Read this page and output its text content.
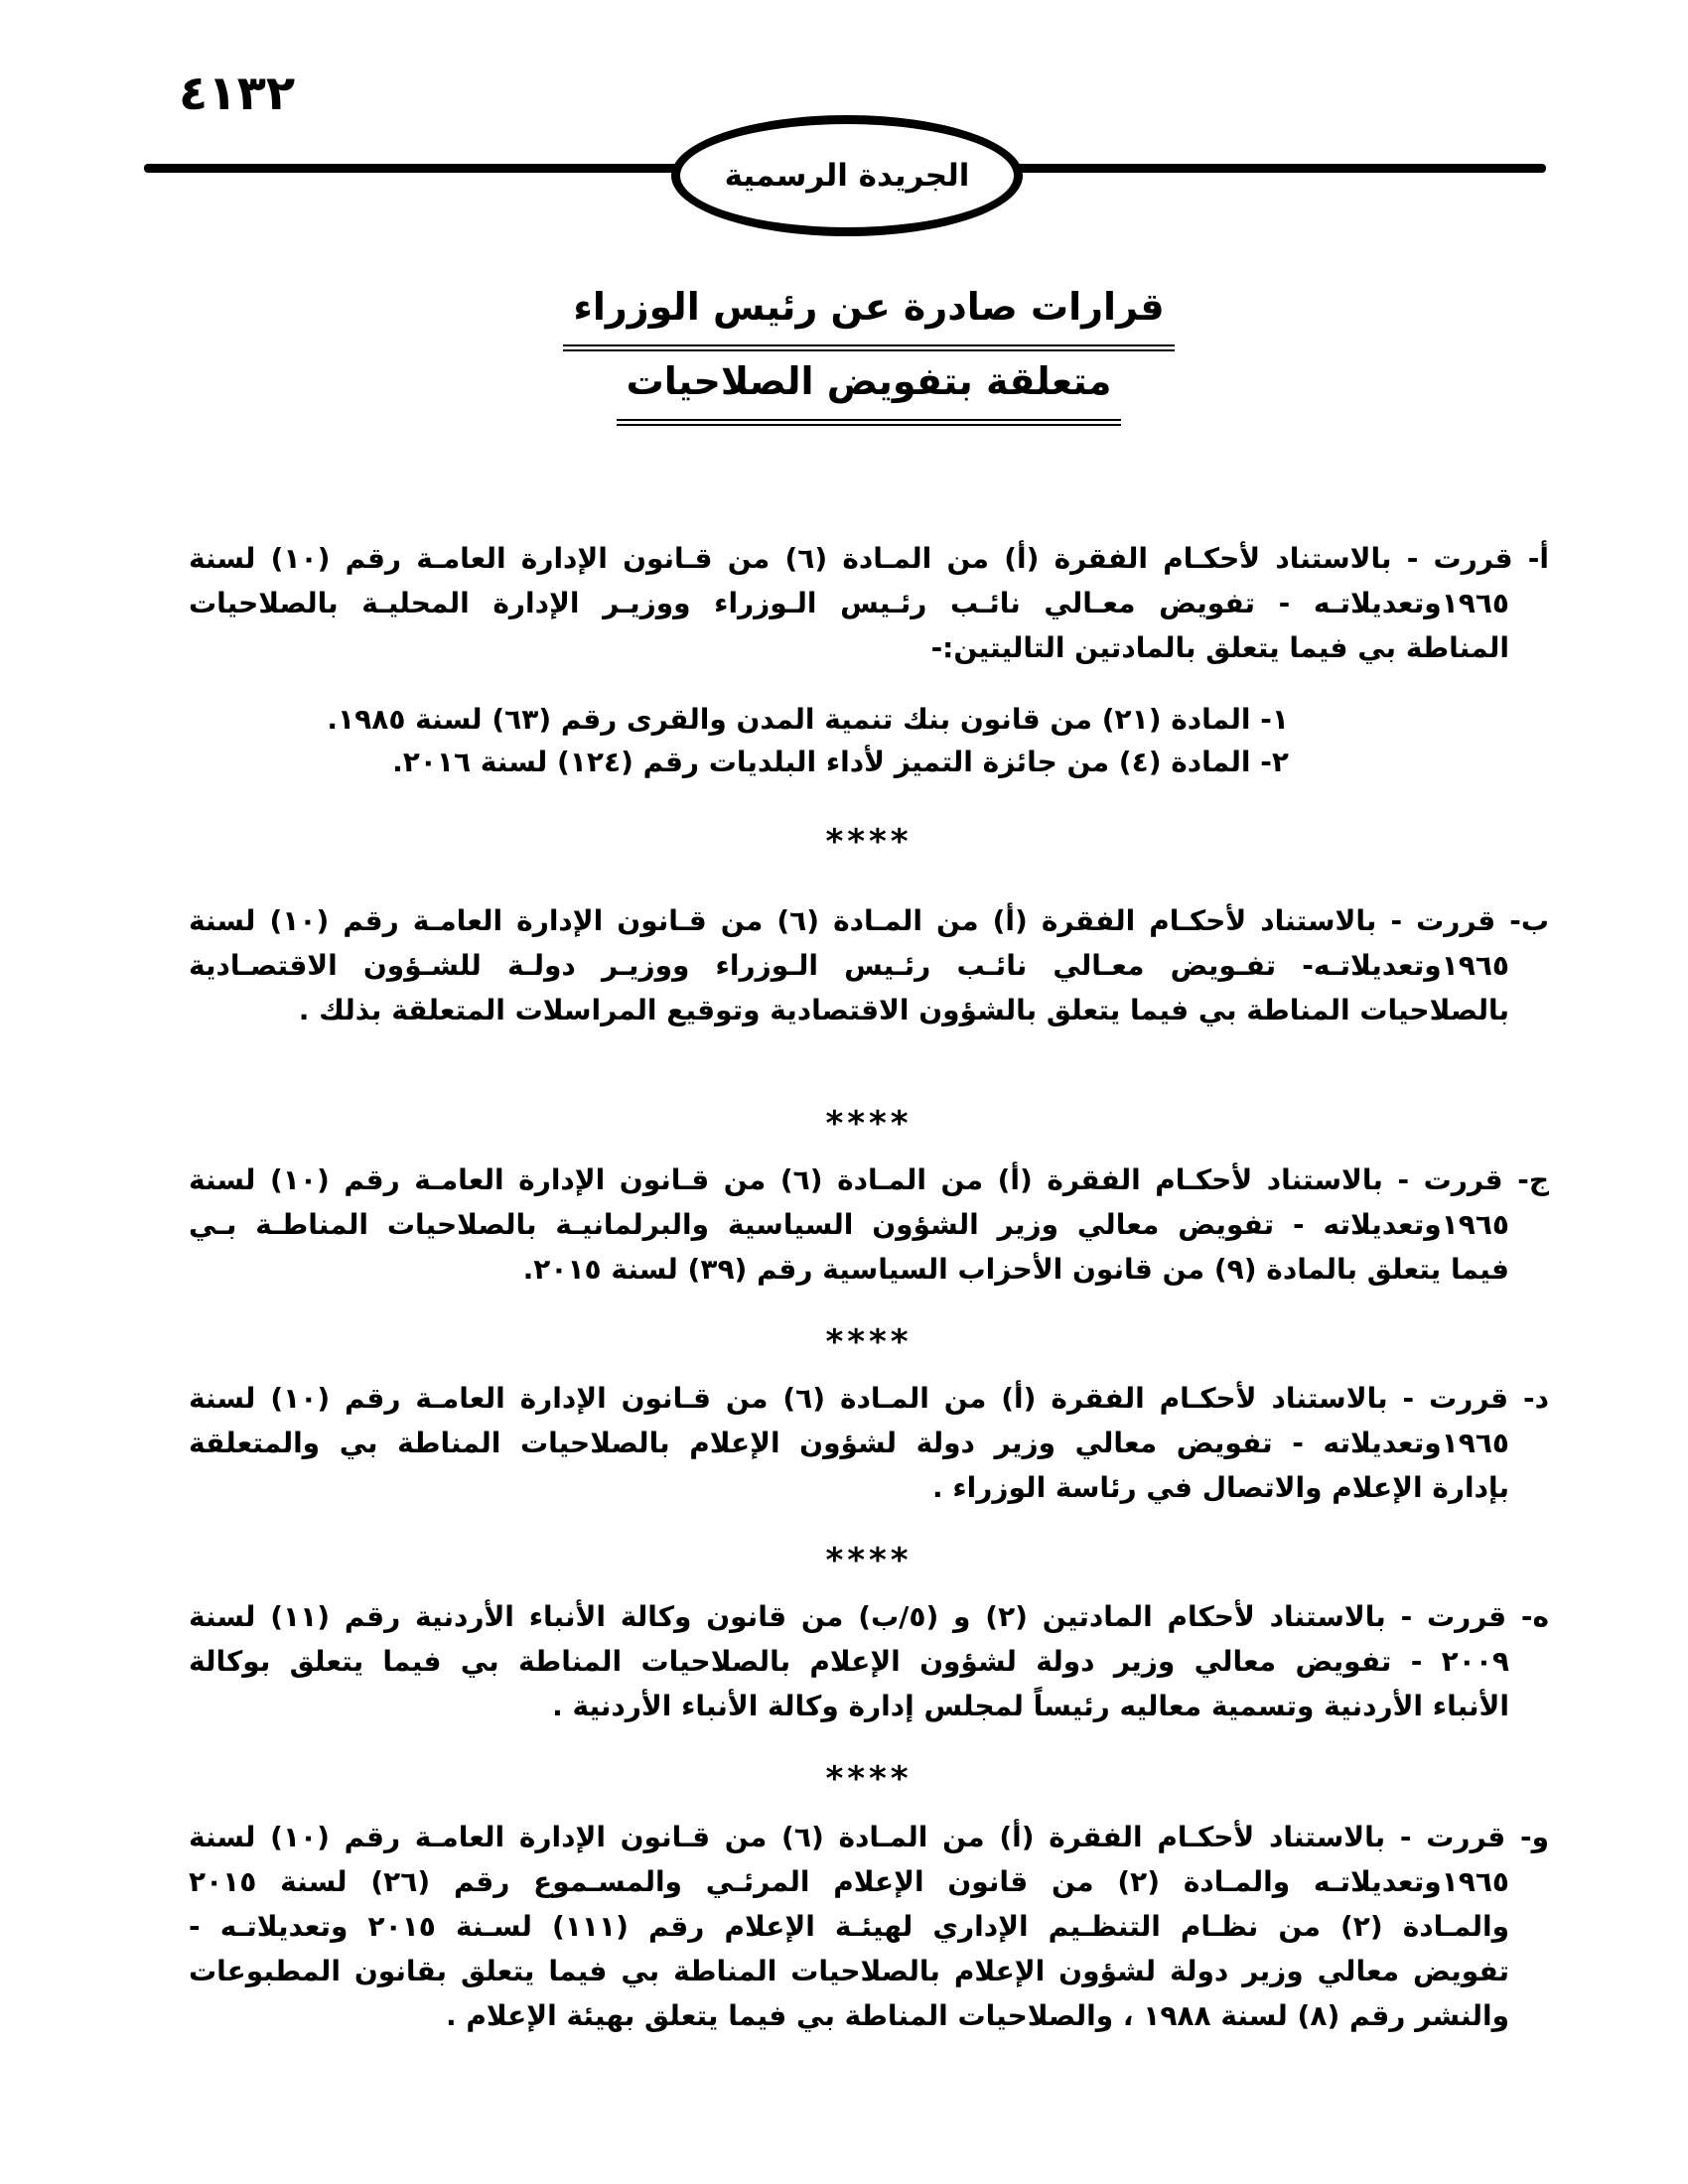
٤١٣٢
الجريدة الرسمية
قرارات صادرة عن رئيس الوزراء
متعلقة بتفويض الصلاحيات
أ- قررت - بالاستناد لأحكـام الفقرة (أ) من المـادة (٦) من قـانون الإدارة العامـة رقم (١٠) لسنة
١٩٦٥وتعديلاتـه - تفويض معـالي نائـب رئـيس الـوزراء ووزيـر الإدارة المحليـة بالصلاحيات
المناطة بي فيما يتعلق بالمادتين التاليتين:-
١- المادة (٢١) من قانون بنك تنمية المدن والقرى رقم (٦٣) لسنة ١٩٨٥.
٢- المادة (٤) من جائزة التميز لأداء البلديات رقم (١٢٤) لسنة ٢٠١٦.
****
ب- قررت - بالاستناد لأحكـام الفقرة (أ) من المـادة (٦) من قـانون الإدارة العامـة رقم (١٠) لسنة
١٩٦٥وتعديلاتـه- تفـويض معـالي نائـب رئـيس الـوزراء ووزيـر دولـة للشـؤون الاقتصـادية
بالصلاحيات المناطة بي فيما يتعلق بالشؤون الاقتصادية وتوقيع المراسلات المتعلقة بذلك .
****
ج- قررت - بالاستناد لأحكـام الفقرة (أ) من المـادة (٦) من قـانون الإدارة العامـة رقم (١٠) لسنة
١٩٦٥وتعديلاته - تفويض معالي وزير الشؤون السياسية والبرلمانيـة بالصلاحيات المناطـة بـي
فيما يتعلق بالمادة (٩) من قانون الأحزاب السياسية رقم (٣٩) لسنة ٢٠١٥.
****
د- قررت - بالاستناد لأحكـام الفقرة (أ) من المـادة (٦) من قـانون الإدارة العامـة رقم (١٠) لسنة
١٩٦٥وتعديلاته - تفويض معالي وزير دولة لشؤون الإعلام بالصلاحيات المناطة بي والمتعلقة
بإدارة الإعلام والاتصال في رئاسة الوزراء .
****
ه- قررت - بالاستناد لأحكام المادتين (٢) و (٥/ب) من قانون وكالة الأنباء الأردنية رقم (١١) لسنة
٢٠٠٩ - تفويض معالي وزير دولة لشؤون الإعلام بالصلاحيات المناطة بي فيما يتعلق بوكالة
الأنباء الأردنية وتسمية معاليه رئيساً لمجلس إدارة وكالة الأنباء الأردنية .
****
و- قررت - بالاستناد لأحكـام الفقرة (أ) من المـادة (٦) من قـانون الإدارة العامـة رقم (١٠) لسنة
١٩٦٥وتعديلاتـه والمـادة (٢) من قانون الإعلام المرئـي والمسـموع رقم (٢٦) لسنة ٢٠١٥
والمـادة (٢) من نظـام التنظـيم الإداري لهيئـة الإعلام رقم (١١١) لسـنة ٢٠١٥ وتعديلاتـه -
تفويض معالي وزير دولة لشؤون الإعلام بالصلاحيات المناطة بي فيما يتعلق بقانون المطبوعات
والنشر رقم (٨) لسنة ١٩٨٨ ، والصلاحيات المناطة بي فيما يتعلق بهيئة الإعلام .
